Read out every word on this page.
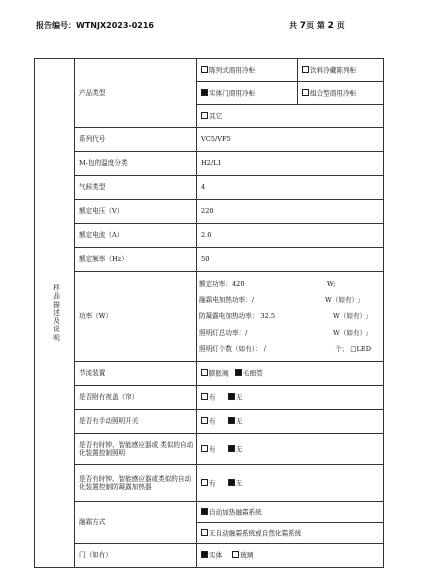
报告编号：WTNJX2023-0216	共 7页 第 2 页
样
品
描
述
及
说
明
	产品类型	
陈列式商用冷柜	饮料冷藏陈列柜
实体门商用冷柜	组合型商用冷柜
其它

系列代号	VC5/VF5
M-包的温度分类	H2/L1
气候类型	4
额定电压（V）	220
额定电流（A）	2.6
额定频率（Hz）	50
功率（W）	
额定功率：420	W;
融霜电加热功率：/	W（如有）;
防凝露电加热功率： 32.5	W（如有）;
照明灯总功率：/	W（如有）;
照明灯个数（如有）： /	个； □LED

节流装置	膨胀阀 毛细管
是否附有夜盖（帘）	有	无
是否有手动照明开关	有	无
是否有时钟、智能感应器或 类似的自动化装置控制照明	有	无
是否有时钟、智能感应器或类似的自动化装置控制防凝露加热器	有	无
融霜方式	自动加热融霜系统
无自动融霜系统或自然化霜系统
门（如有）	实体	玻璃
